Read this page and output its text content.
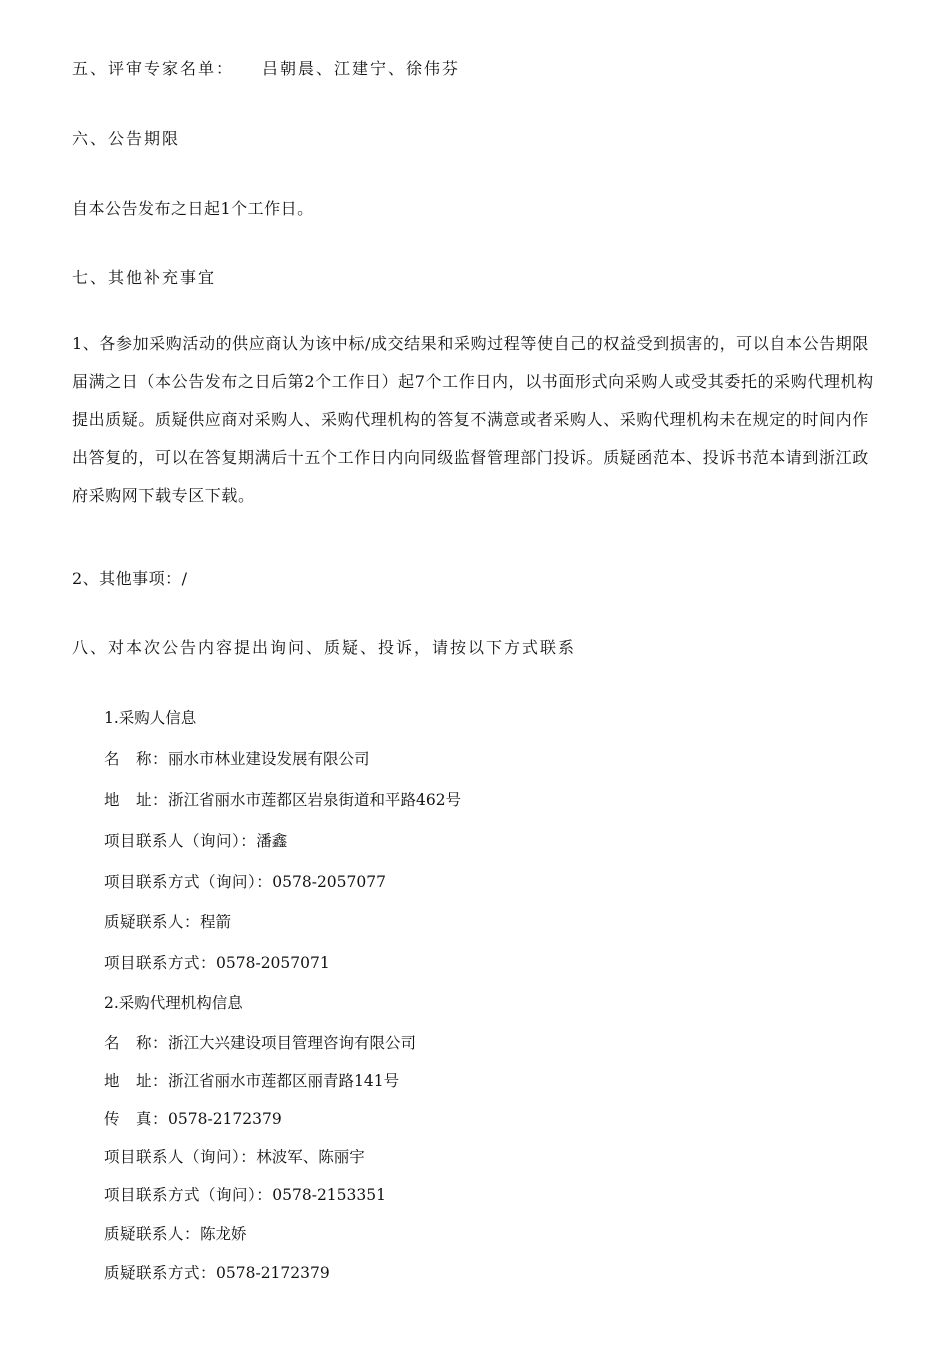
五、评审专家名单： 吕朝晨、江建宁、徐伟芬

六、公告期限

自本公告发布之日起1个工作日。

七、其他补充事宜

1、各参加采购活动的供应商认为该中标/成交结果和采购过程等使自己的权益受到损害的，可以自本公告期限
届满之日（本公告发布之日后第2个工作日）起7个工作日内，以书面形式向采购人或受其委托的采购代理机构
提出质疑。质疑供应商对采购人、采购代理机构的答复不满意或者采购人、采购代理机构未在规定的时间内作
出答复的，可以在答复期满后十五个工作日内向同级监督管理部门投诉。质疑函范本、投诉书范本请到浙江政
府采购网下载专区下载。

2、其他事项：/

八、对本次公告内容提出询问、质疑、投诉，请按以下方式联系

1.采购人信息

名　称：丽水市林业建设发展有限公司

地　址：浙江省丽水市莲都区岩泉街道和平路462号

项目联系人（询问）：潘鑫

项目联系方式（询问）：0578-2057077

质疑联系人：程箭

项目联系方式：0578-2057071

2.采购代理机构信息

名　称：浙江大兴建设项目管理咨询有限公司

地　址：浙江省丽水市莲都区丽青路141号

传　真：0578-2172379

项目联系人（询问）：林波军、陈丽宇

项目联系方式（询问）：0578-2153351

质疑联系人：陈龙娇

质疑联系方式：0578-2172379
